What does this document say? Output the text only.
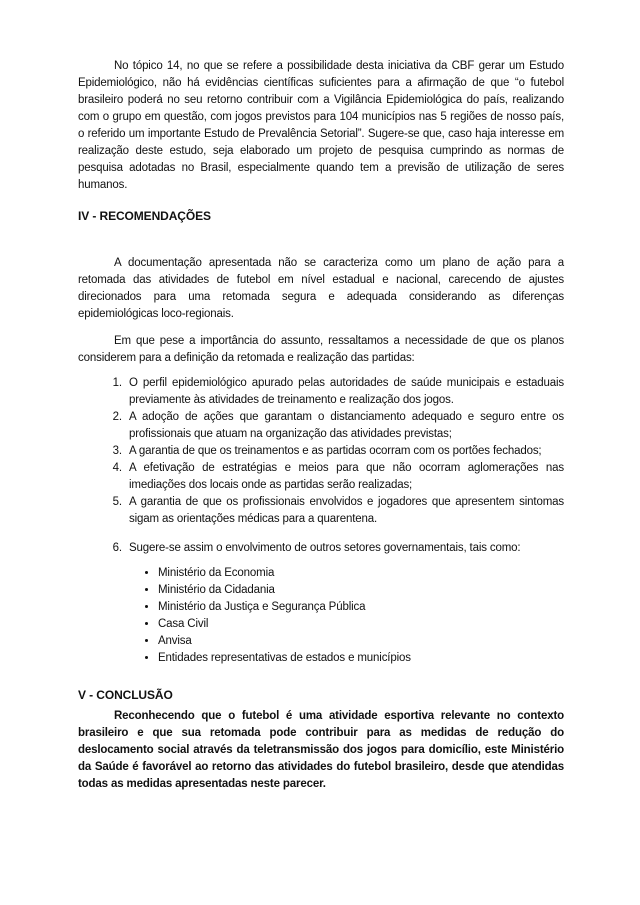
No tópico 14, no que se refere a possibilidade desta iniciativa da CBF gerar um Estudo Epidemiológico, não há evidências científicas suficientes para a afirmação de que “o futebol brasileiro poderá no seu retorno contribuir com a Vigilância Epidemiológica do país, realizando com o grupo em questão, com jogos previstos para 104 municípios nas 5 regiões de nosso país, o referido um importante Estudo de Prevalência Setorial”. Sugere-se que, caso haja interesse em realização deste estudo, seja elaborado um projeto de pesquisa cumprindo as normas de pesquisa adotadas no Brasil, especialmente quando tem a previsão de utilização de seres humanos.

IV - RECOMENDAÇÕES

A documentação apresentada não se caracteriza como um plano de ação para a retomada das atividades de futebol em nível estadual e nacional, carecendo de ajustes direcionados para uma retomada segura e adequada considerando as diferenças epidemiológicas loco-regionais.

Em que pese a importância do assunto, ressaltamos a necessidade de que os planos considerem para a definição da retomada e realização das partidas:

1. O perfil epidemiológico apurado pelas autoridades de saúde municipais e estaduais previamente às atividades de treinamento e realização dos jogos.
2. A adoção de ações que garantam o distanciamento adequado e seguro entre os profissionais que atuam na organização das atividades previstas;
3. A garantia de que os treinamentos e as partidas ocorram com os portões fechados;
4. A efetivação de estratégias e meios para que não ocorram aglomerações nas imediações dos locais onde as partidas serão realizadas;
5. A garantia de que os profissionais envolvidos e jogadores que apresentem sintomas sigam as orientações médicas para a quarentena.
6. Sugere-se assim o envolvimento de outros setores governamentais, tais como:
• Ministério da Economia
• Ministério da Cidadania
• Ministério da Justiça e Segurança Pública
• Casa Civil
• Anvisa
• Entidades representativas de estados e municípios
V - CONCLUSÃO

Reconhecendo que o futebol é uma atividade esportiva relevante no contexto brasileiro e que sua retomada pode contribuir para as medidas de redução do deslocamento social através da teletransmissão dos jogos para domicílio, este Ministério da Saúde é favorável ao retorno das atividades do futebol brasileiro, desde que atendidas todas as medidas apresentadas neste parecer.
